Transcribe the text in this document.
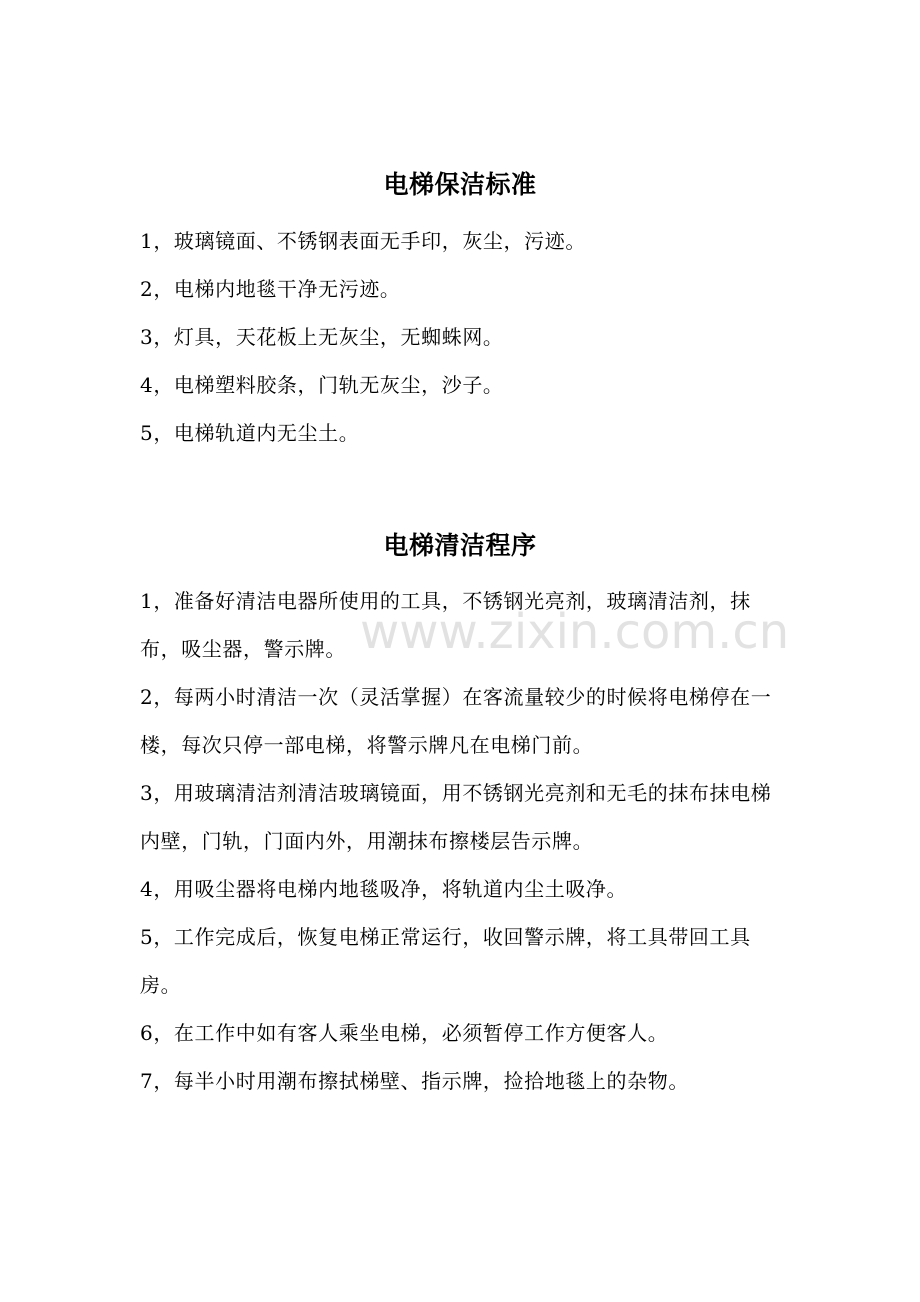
电梯保洁标准
1，玻璃镜面、不锈钢表面无手印，灰尘，污迹。
2，电梯内地毯干净无污迹。
3，灯具，天花板上无灰尘，无蜘蛛网。
4，电梯塑料胶条，门轨无灰尘，沙子。
5，电梯轨道内无尘土。
电梯清洁程序
1，准备好清洁电器所使用的工具，不锈钢光亮剂，玻璃清洁剂，抹布，吸尘器，警示牌。
2，每两小时清洁一次（灵活掌握）在客流量较少的时候将电梯停在一楼，每次只停一部电梯，将警示牌凡在电梯门前。
3，用玻璃清洁剂清洁玻璃镜面，用不锈钢光亮剂和无毛的抹布抹电梯内壁，门轨，门面内外，用潮抹布擦楼层告示牌。
4，用吸尘器将电梯内地毯吸净，将轨道内尘土吸净。
5，工作完成后，恢复电梯正常运行，收回警示牌，将工具带回工具房。
6，在工作中如有客人乘坐电梯，必须暂停工作方便客人。
7，每半小时用潮布擦拭梯壁、指示牌，捡拾地毯上的杂物。
www.zixin.com.cn
